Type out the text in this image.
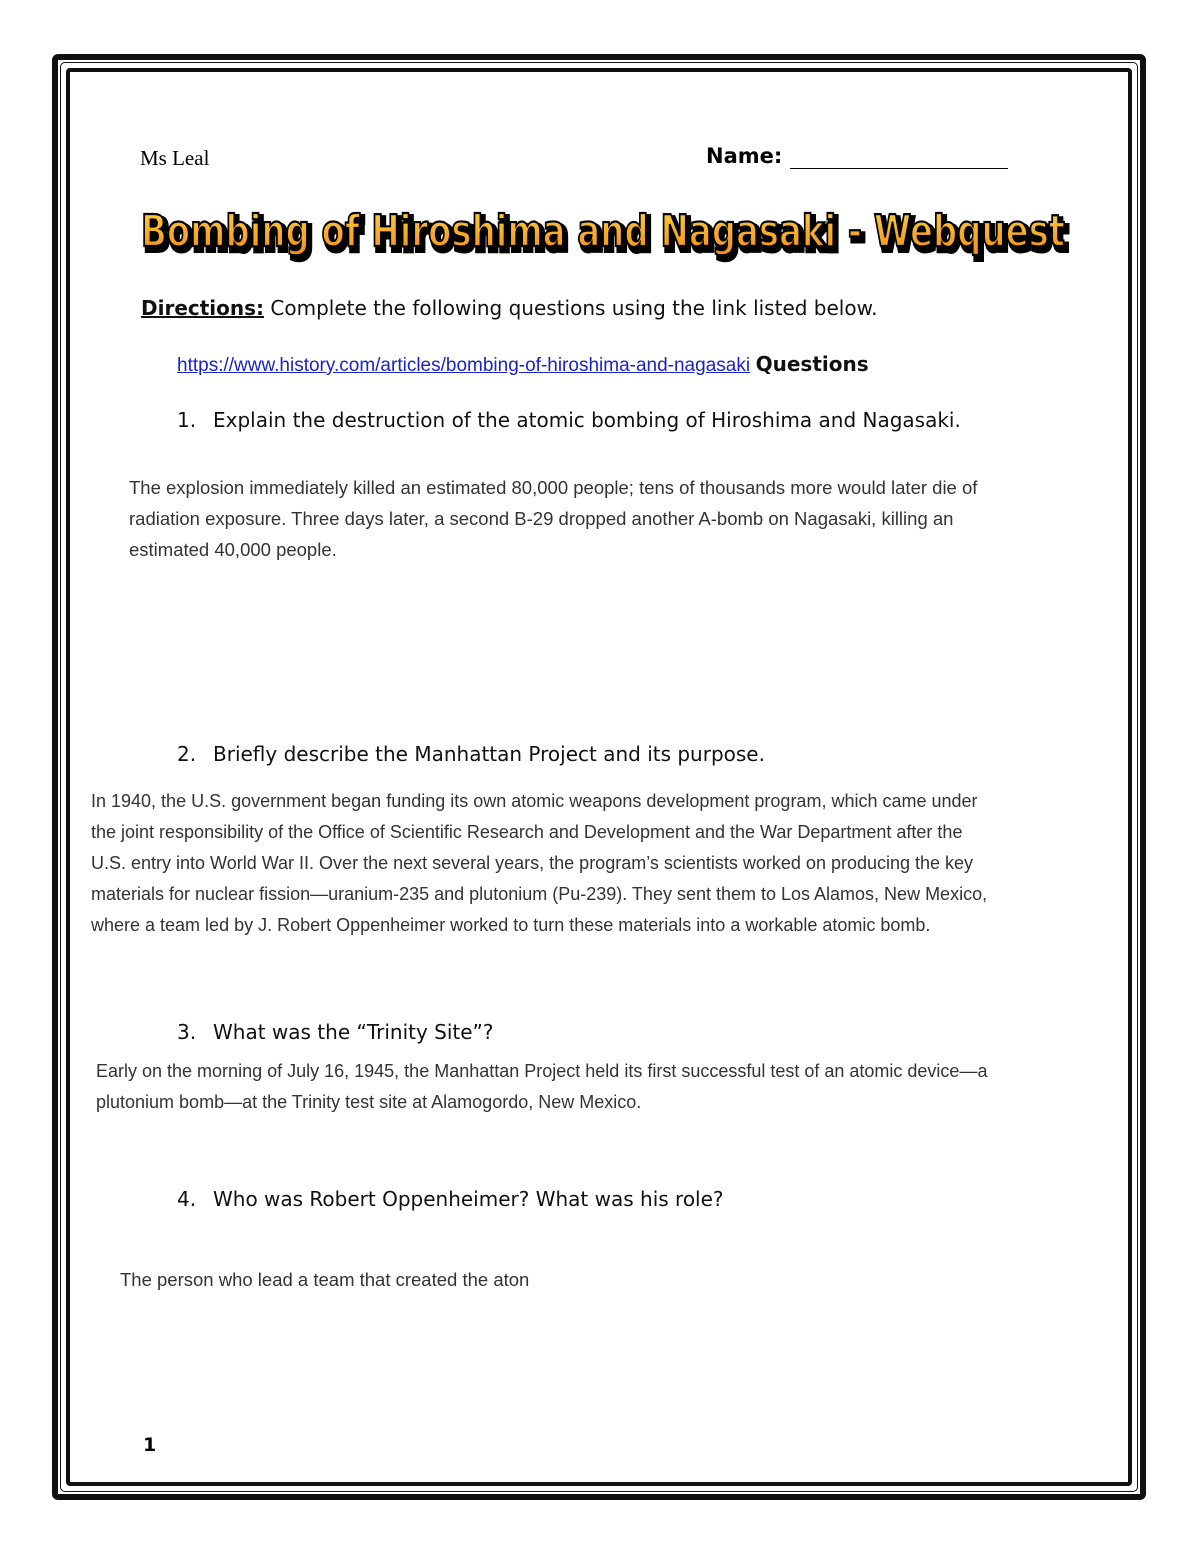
Ms Leal	Name:
Bombing of Hiroshima and Nagasaki - Webquest
Bombing of Hiroshima and Nagasaki - Webquest
Directions: Complete the following questions using the link listed below.
https://www.history.com/articles/bombing-of-hiroshima-and-nagasaki Questions
1. Explain the destruction of the atomic bombing of Hiroshima and Nagasaki.
The explosion immediately killed an estimated 80,000 people; tens of thousands more would later die of
radiation exposure. Three days later, a second B-29 dropped another A-bomb on Nagasaki, killing an
estimated 40,000 people.
2. Briefly describe the Manhattan Project and its purpose.
In 1940, the U.S. government began funding its own atomic weapons development program, which came under
the joint responsibility of the Office of Scientific Research and Development and the War Department after the
U.S. entry into World War II. Over the next several years, the program’s scientists worked on producing the key
materials for nuclear fission—uranium-235 and plutonium (Pu-239). They sent them to Los Alamos, New Mexico,
where a team led by J. Robert Oppenheimer worked to turn these materials into a workable atomic bomb.
3. What was the “Trinity Site”?
Early on the morning of July 16, 1945, the Manhattan Project held its first successful test of an atomic device—a
plutonium bomb—at the Trinity test site at Alamogordo, New Mexico.
4. Who was Robert Oppenheimer? What was his role?
The person who lead a team that created the aton
1
